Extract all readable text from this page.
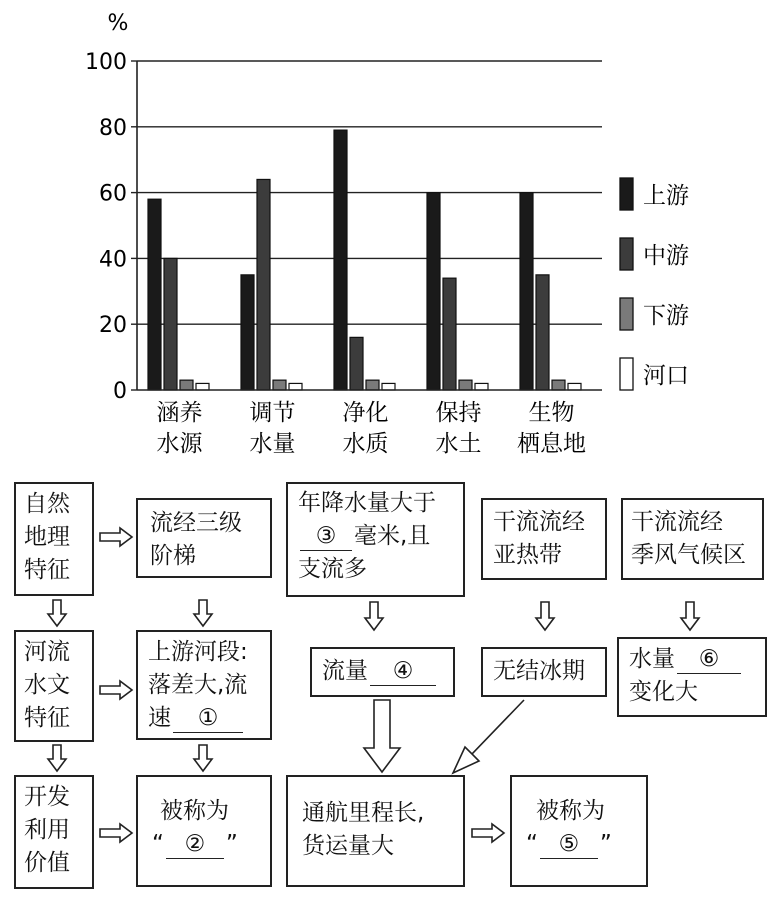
0
20
40
60
80
100
涵养
水源
调节
水量
净化
水质
保持
水土
生物
栖息地
上游
中游
下游
河口
%
自然
地理
特征
河流
水文
特征
开发
利用
价值
流经三级
阶梯
上游河段:
落差大,流
速 ①
被称为
“ ② ”
年降水量大于
③ 毫米,且
支流多
流量 ④
通航里程长,
货运量大
干流流经
亚热带
无结冰期
被称为
“ ⑤ ”
干流流经
季风气候区
水量 ⑥
变化大
